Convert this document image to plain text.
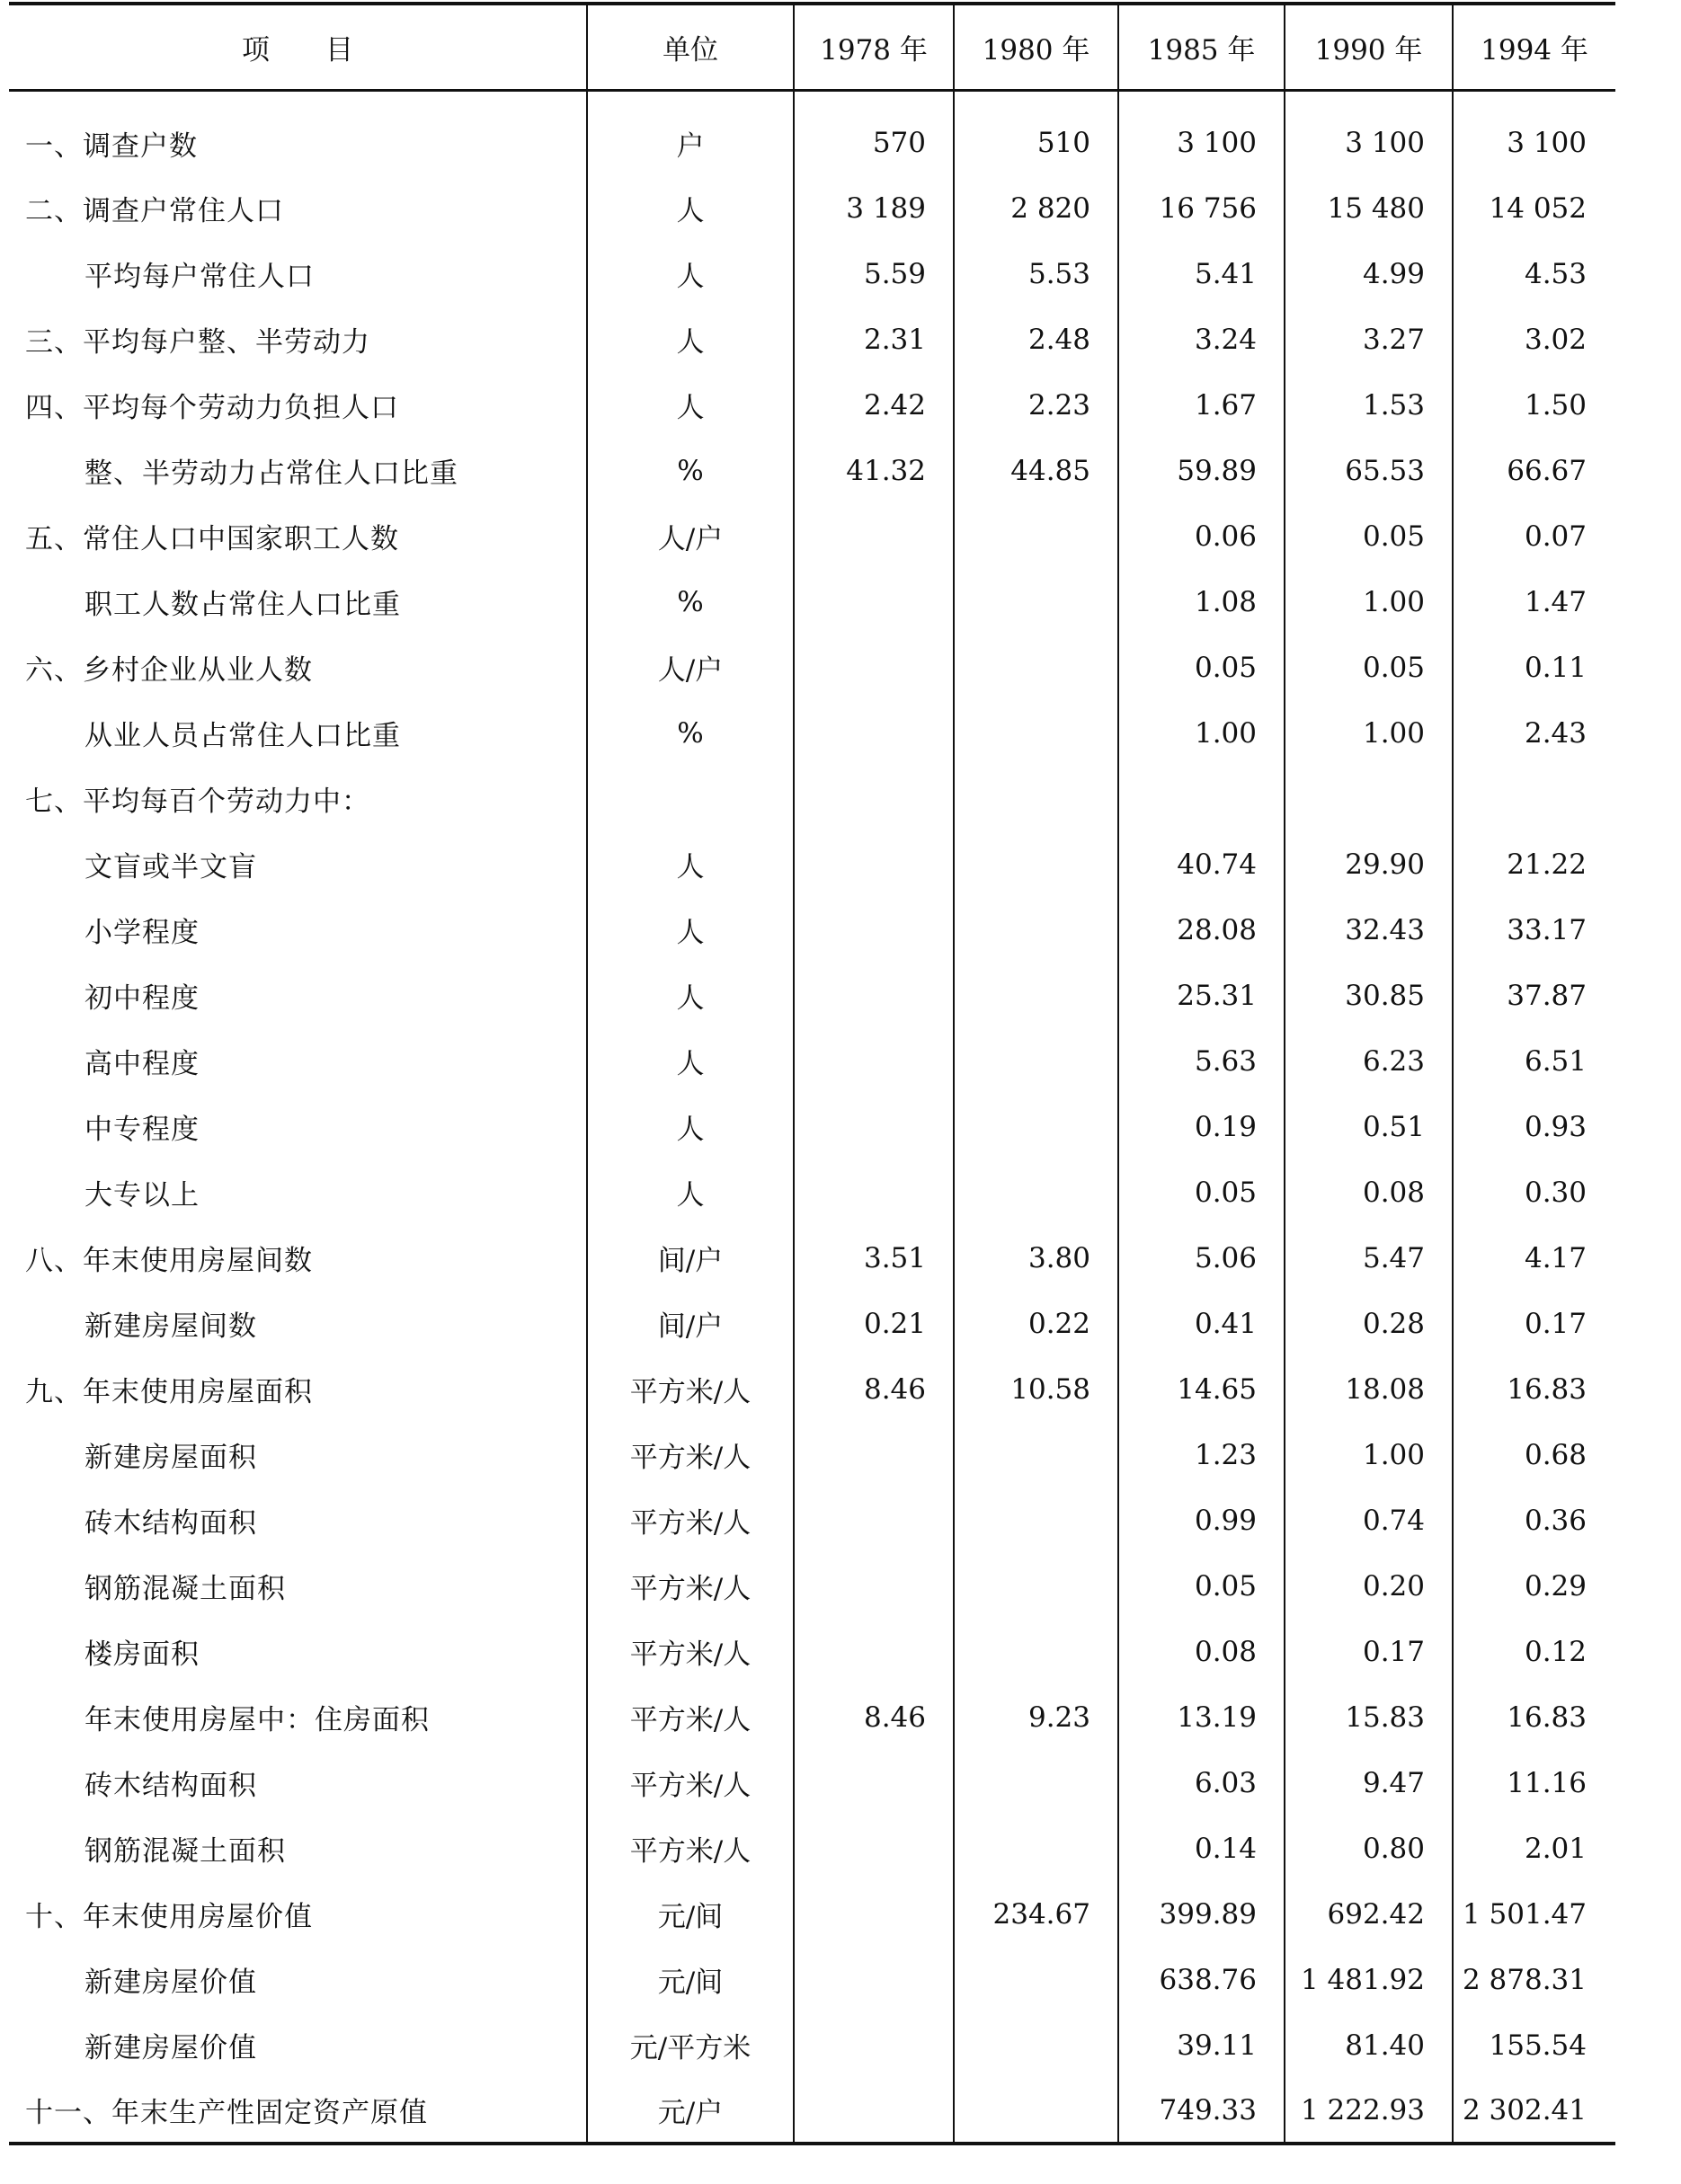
项　　目	单位	1978 年	1980 年	1985 年	1990 年	1994 年
一、调查户数	户	570	510	3 100	3 100	3 100
二、调查户常住人口	人	3 189	2 820	16 756	15 480	14 052
平均每户常住人口	人	5.59	5.53	5.41	4.99	4.53
三、平均每户整、半劳动力	人	2.31	2.48	3.24	3.27	3.02
四、平均每个劳动力负担人口	人	2.42	2.23	1.67	1.53	1.50
整、半劳动力占常住人口比重	%	41.32	44.85	59.89	65.53	66.67
五、常住人口中国家职工人数	人/户			0.06	0.05	0.07
职工人数占常住人口比重	%			1.08	1.00	1.47
六、乡村企业从业人数	人/户			0.05	0.05	0.11
从业人员占常住人口比重	%			1.00	1.00	2.43
七、平均每百个劳动力中：						
文盲或半文盲	人			40.74	29.90	21.22
小学程度	人			28.08	32.43	33.17
初中程度	人			25.31	30.85	37.87
高中程度	人			5.63	6.23	6.51
中专程度	人			0.19	0.51	0.93
大专以上	人			0.05	0.08	0.30
八、年末使用房屋间数	间/户	3.51	3.80	5.06	5.47	4.17
新建房屋间数	间/户	0.21	0.22	0.41	0.28	0.17
九、年末使用房屋面积	平方米/人	8.46	10.58	14.65	18.08	16.83
新建房屋面积	平方米/人			1.23	1.00	0.68
砖木结构面积	平方米/人			0.99	0.74	0.36
钢筋混凝土面积	平方米/人			0.05	0.20	0.29
楼房面积	平方米/人			0.08	0.17	0.12
年末使用房屋中：住房面积	平方米/人	8.46	9.23	13.19	15.83	16.83
砖木结构面积	平方米/人			6.03	9.47	11.16
钢筋混凝土面积	平方米/人			0.14	0.80	2.01
十、年末使用房屋价值	元/间		234.67	399.89	692.42	1 501.47
新建房屋价值	元/间			638.76	1 481.92	2 878.31
新建房屋价值	元/平方米			39.11	81.40	155.54
十一、年末生产性固定资产原值	元/户			749.33	1 222.93	2 302.41
